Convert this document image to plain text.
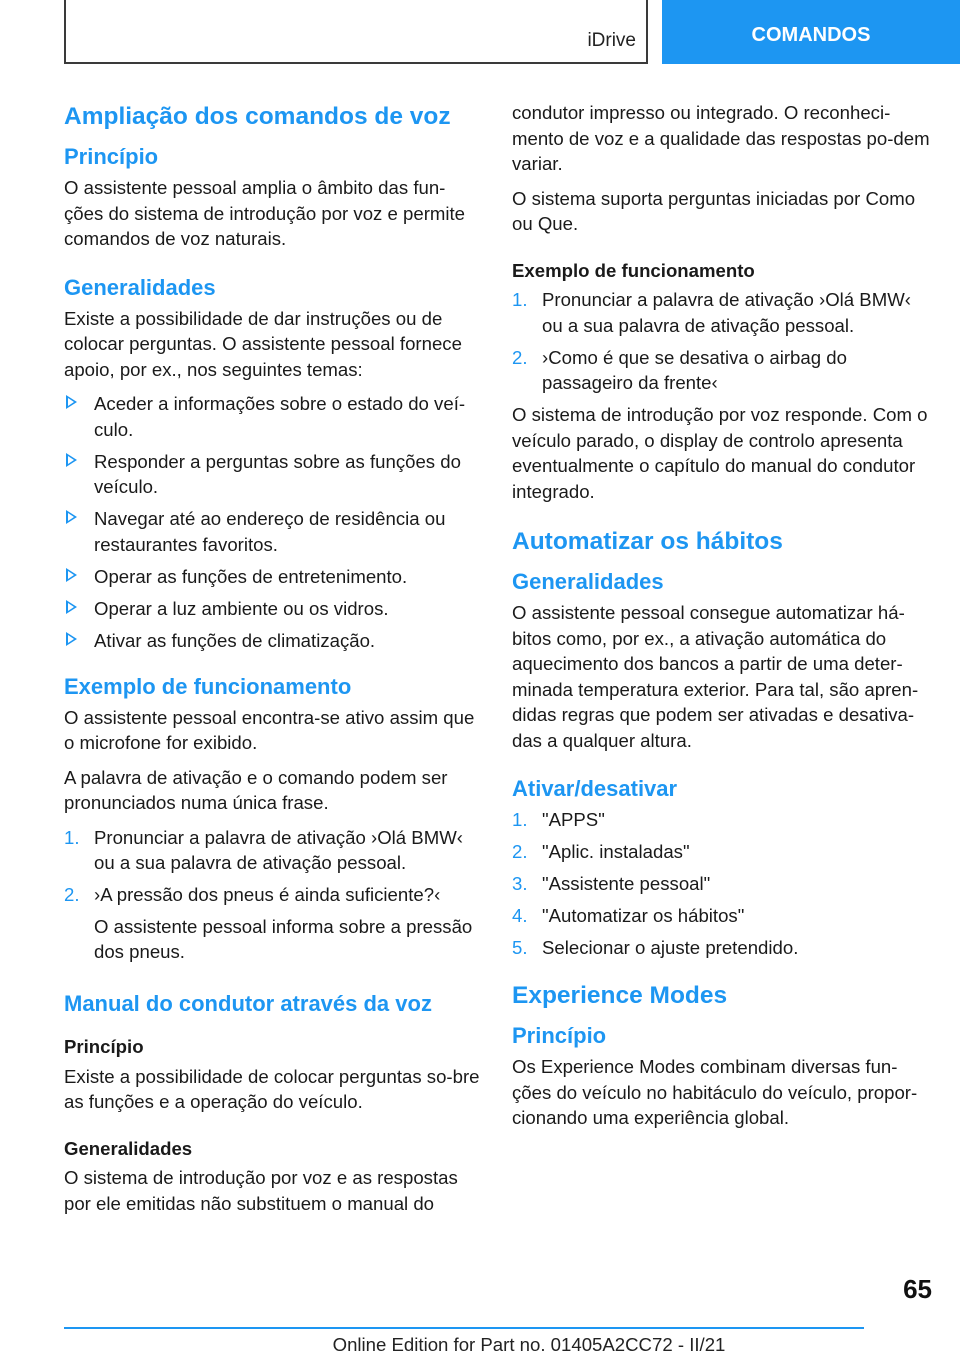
iDrive	COMANDOS
Ampliação dos comandos de voz
Princípio

O assistente pessoal amplia o âmbito das fun-ções do sistema de introdução por voz e permite comandos de voz naturais.

Generalidades

Existe a possibilidade de dar instruções ou de colocar perguntas. O assistente pessoal fornece apoio, por ex., nos seguintes temas:

Aceder a informações sobre o estado do veí-culo.
Responder a perguntas sobre as funções do veículo.
Navegar até ao endereço de residência ou restaurantes favoritos.
Operar as funções de entretenimento.
Operar a luz ambiente ou os vidros.
Ativar as funções de climatização.
Exemplo de funcionamento

O assistente pessoal encontra-se ativo assim que o microfone for exibido.

A palavra de ativação e o comando podem ser pronunciados numa única frase.

1. Pronunciar a palavra de ativação ›Olá BMW‹ ou a sua palavra de ativação pessoal.
2. ›A pressão dos pneus é ainda suficiente?‹
O assistente pessoal informa sobre a pressão dos pneus.
Manual do condutor através da voz
Princípio

Existe a possibilidade de colocar perguntas so-bre as funções e a operação do veículo.

Generalidades

O sistema de introdução por voz e as respostas por ele emitidas não substituem o manual do

condutor impresso ou integrado. O reconheci-mento de voz e a qualidade das respostas po-dem variar.

O sistema suporta perguntas iniciadas por Como ou Que.

Exemplo de funcionamento
1. Pronunciar a palavra de ativação ›Olá BMW‹ ou a sua palavra de ativação pessoal.
2. ›Como é que se desativa o airbag do passageiro da frente‹

O sistema de introdução por voz responde. Com o veículo parado, o display de controlo apresenta eventualmente o capítulo do manual do condutor integrado.

Automatizar os hábitos
Generalidades

O assistente pessoal consegue automatizar há-bitos como, por ex., a ativação automática do aquecimento dos bancos a partir de uma deter-minada temperatura exterior. Para tal, são apren-didas regras que podem ser ativadas e desativa-das a qualquer altura.

Ativar/desativar
1. "APPS"
2. "Aplic. instaladas"
3. "Assistente pessoal"
4. "Automatizar os hábitos"
5. Selecionar o ajuste pretendido.
Experience Modes
Princípio

Os Experience Modes combinam diversas fun-ções do veículo no habitáculo do veículo, propor-cionando uma experiência global.

65
Online Edition for Part no. 01405A2CC72 - II/21
